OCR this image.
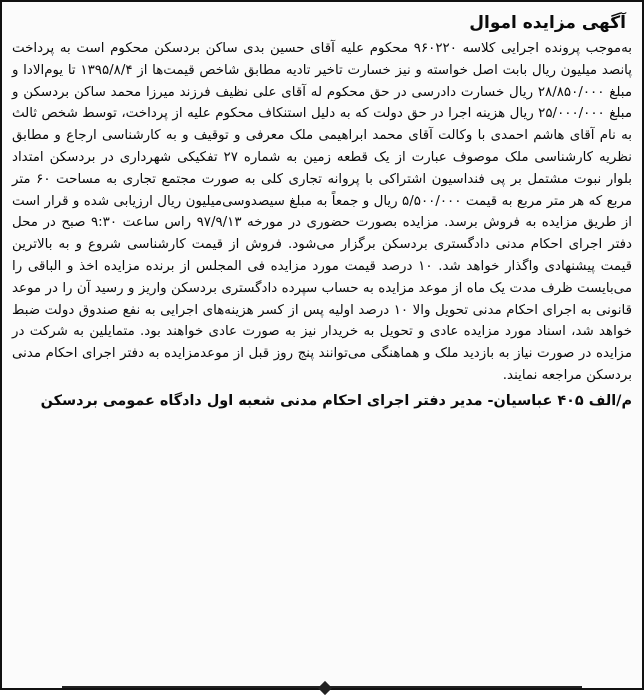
آگهی مزایده اموال

به‌موجب پرونده اجرایی کلاسه ۹۶۰۲۲۰ محکوم علیه آقای حسین بدی ساکن بردسکن محکوم است به پرداخت پانصد میلیون ریال بابت اصل خواسته و نیز خسارت تاخیر تادیه مطابق شاخص قیمت‌ها از ۱۳۹۵/۸/۴ تا یوم‌الادا و مبلغ ۲۸/۸۵۰/۰۰۰ ریال خسارت دادرسی در حق محکوم له آقای علی نظیف فرزند میرزا محمد ساکن بردسکن و مبلغ ۲۵/۰۰۰/۰۰۰ ریال هزینه اجرا در حق دولت که به دلیل استنکاف محکوم علیه از پرداخت، توسط شخص ثالث به نام آقای هاشم احمدی با وکالت آقای محمد ابراهیمی ملک معرفی و توقیف و به کارشناسی ارجاع و مطابق نظریه کارشناسی ملک موصوف عبارت از یک قطعه زمین به شماره ۲۷ تفکیکی شهرداری در بردسکن امتداد بلوار نبوت مشتمل بر پی فنداسیون اشتراکی با پروانه تجاری کلی به صورت مجتمع تجاری به مساحت ۶۰ متر مربع که هر متر مربع به قیمت ۵/۵۰۰/۰۰۰ ریال و جمعاً به مبلغ سیصدوسی‌میلیون ریال ارزیابی شده و قرار است از طریق مزایده به فروش برسد. مزایده بصورت حضوری در مورخه ۹۷/۹/۱۳ راس ساعت ۹:۳۰ صبح در محل دفتر اجرای احکام مدنی دادگستری بردسکن برگزار می‌شود. فروش از قیمت کارشناسی شروع و به بالاترین قیمت پیشنهادی واگذار خواهد شد. ۱۰ درصد قیمت مورد مزایده فی المجلس از برنده مزایده اخذ و الباقی را می‌بایست ظرف مدت یک ماه از موعد مزایده به حساب سپرده دادگستری بردسکن واریز و رسید آن را در موعد قانونی به اجرای احکام مدنی تحویل والا ۱۰ درصد اولیه پس از کسر هزینه‌های اجرایی به نفع صندوق دولت ضبط خواهد شد، اسناد مورد مزایده عادی و تحویل به خریدار نیز به صورت عادی خواهند بود. متمایلین به شرکت در مزایده در صورت نیاز به بازدید ملک و هماهنگی می‌توانند پنج روز قبل از موعدمزایده به دفتر اجرای احکام مدنی بردسکن مراجعه نمایند.

م/الف ۴۰۵ عباسیان- مدیر دفتر اجرای احکام مدنی شعبه اول دادگاه عمومی بردسکن
